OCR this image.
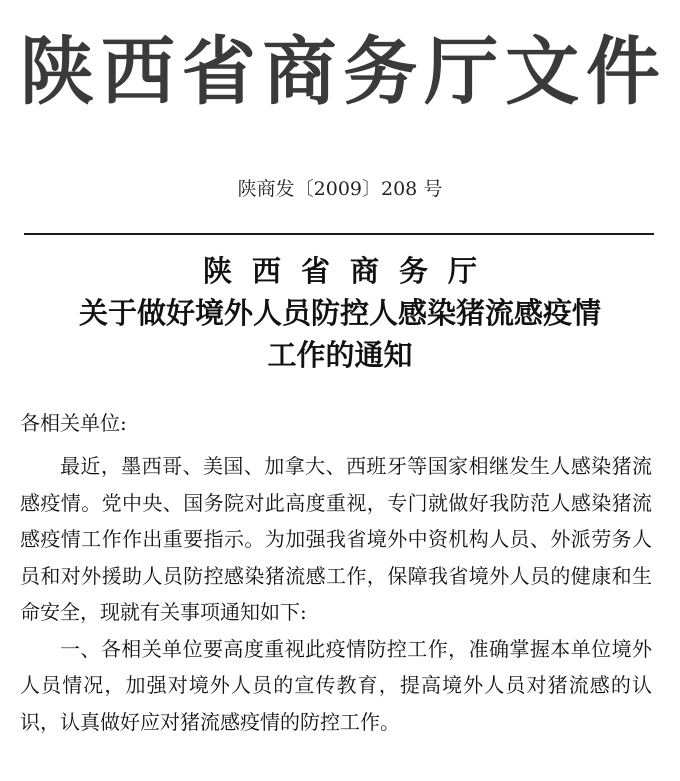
陕 西 省 商 务 厅 文 件
陕商发〔2009〕208 号
陕西省商务厅
关于做好境外人员防控人感染猪流感疫情
工作的通知
各相关单位:

最近，墨西哥、美国、加拿大、西班牙等国家相继发生人感染猪流感疫情。党中央、国务院对此高度重视，专门就做好我防范人感染猪流感疫情工作作出重要指示。为加强我省境外中资机构人员、外派劳务人员和对外援助人员防控感染猪流感工作，保障我省境外人员的健康和生命安全，现就有关事项通知如下:

一、各相关单位要高度重视此疫情防控工作，准确掌握本单位境外人员情况，加强对境外人员的宣传教育，提高境外人员对猪流感的认识，认真做好应对猪流感疫情的防控工作。
